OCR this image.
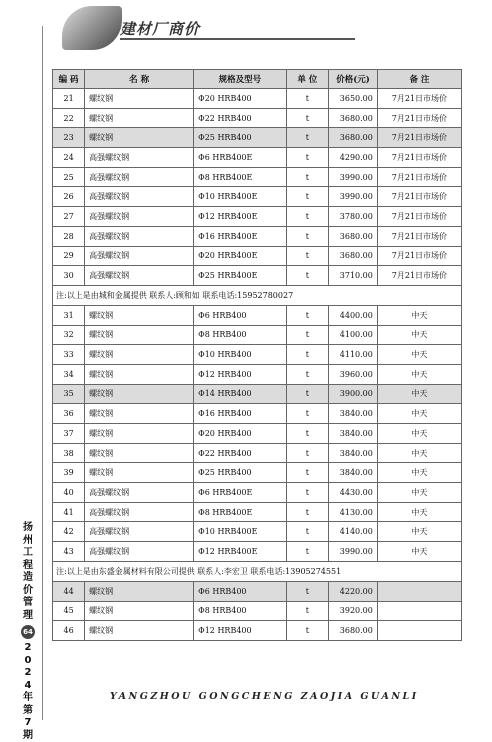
建材厂商价
编 码	名 称	规格及型号	单 位	价格(元)	备 注
21	螺纹钢	Φ20 HRB400	t	3650.00	7月21日市场价
22	螺纹钢	Φ22 HRB400	t	3680.00	7月21日市场价
23	螺纹钢	Φ25 HRB400	t	3680.00	7月21日市场价
24	高强螺纹钢	Φ6 HRB400E	t	4290.00	7月21日市场价
25	高强螺纹钢	Φ8 HRB400E	t	3990.00	7月21日市场价
26	高强螺纹钢	Φ10 HRB400E	t	3990.00	7月21日市场价
27	高强螺纹钢	Φ12 HRB400E	t	3780.00	7月21日市场价
28	高强螺纹钢	Φ16 HRB400E	t	3680.00	7月21日市场价
29	高强螺纹钢	Φ20 HRB400E	t	3680.00	7月21日市场价
30	高强螺纹钢	Φ25 HRB400E	t	3710.00	7月21日市场价
注:以上是由城和金属提供 联系人:顾和如 联系电话:15952780027					
31	螺纹钢	Φ6 HRB400	t	4400.00	中天
32	螺纹钢	Φ8 HRB400	t	4100.00	中天
33	螺纹钢	Φ10 HRB400	t	4110.00	中天
34	螺纹钢	Φ12 HRB400	t	3960.00	中天
35	螺纹钢	Φ14 HRB400	t	3900.00	中天
36	螺纹钢	Φ16 HRB400	t	3840.00	中天
37	螺纹钢	Φ20 HRB400	t	3840.00	中天
38	螺纹钢	Φ22 HRB400	t	3840.00	中天
39	螺纹钢	Φ25 HRB400	t	3840.00	中天
40	高强螺纹钢	Φ6 HRB400E	t	4430.00	中天
41	高强螺纹钢	Φ8 HRB400E	t	4130.00	中天
42	高强螺纹钢	Φ10 HRB400E	t	4140.00	中天
43	高强螺纹钢	Φ12 HRB400E	t	3990.00	中天
注:以上是由东盛金属材料有限公司提供 联系人:李宏卫 联系电话:13905274551					
44	螺纹钢	Φ6 HRB400	t	4220.00	
45	螺纹钢	Φ8 HRB400	t	3920.00	
46	螺纹钢	Φ12 HRB400	t	3680.00	
扬
州
工
程
造
价
管
理
64
2
0
2
4
年
第
7
期
YANGZHOU GONGCHENG ZAOJIA GUANLI
